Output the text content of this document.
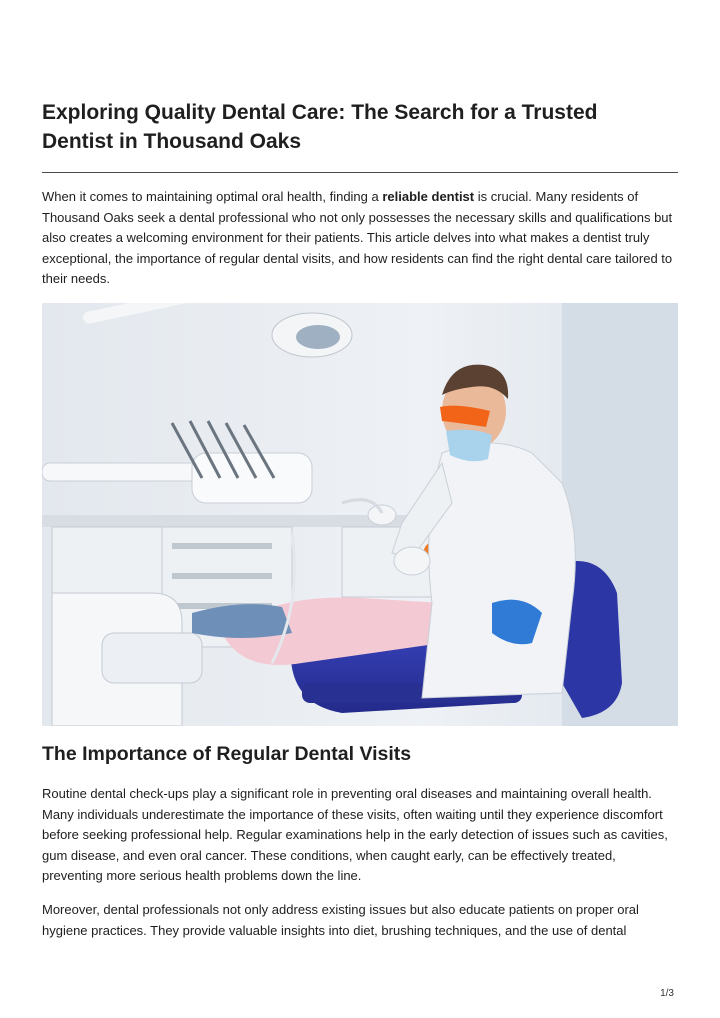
Exploring Quality Dental Care: The Search for a Trusted Dentist in Thousand Oaks

When it comes to maintaining optimal oral health, finding a reliable dentist is crucial. Many residents of Thousand Oaks seek a dental professional who not only possesses the necessary skills and qualifications but also creates a welcoming environment for their patients. This article delves into what makes a dentist truly exceptional, the importance of regular dental visits, and how residents can find the right dental care tailored to their needs.

The Importance of Regular Dental Visits

Routine dental check-ups play a significant role in preventing oral diseases and maintaining overall health. Many individuals underestimate the importance of these visits, often waiting until they experience discomfort before seeking professional help. Regular examinations help in the early detection of issues such as cavities, gum disease, and even oral cancer. These conditions, when caught early, can be effectively treated, preventing more serious health problems down the line.

Moreover, dental professionals not only address existing issues but also educate patients on proper oral hygiene practices. They provide valuable insights into diet, brushing techniques, and the use of dental

1/3
